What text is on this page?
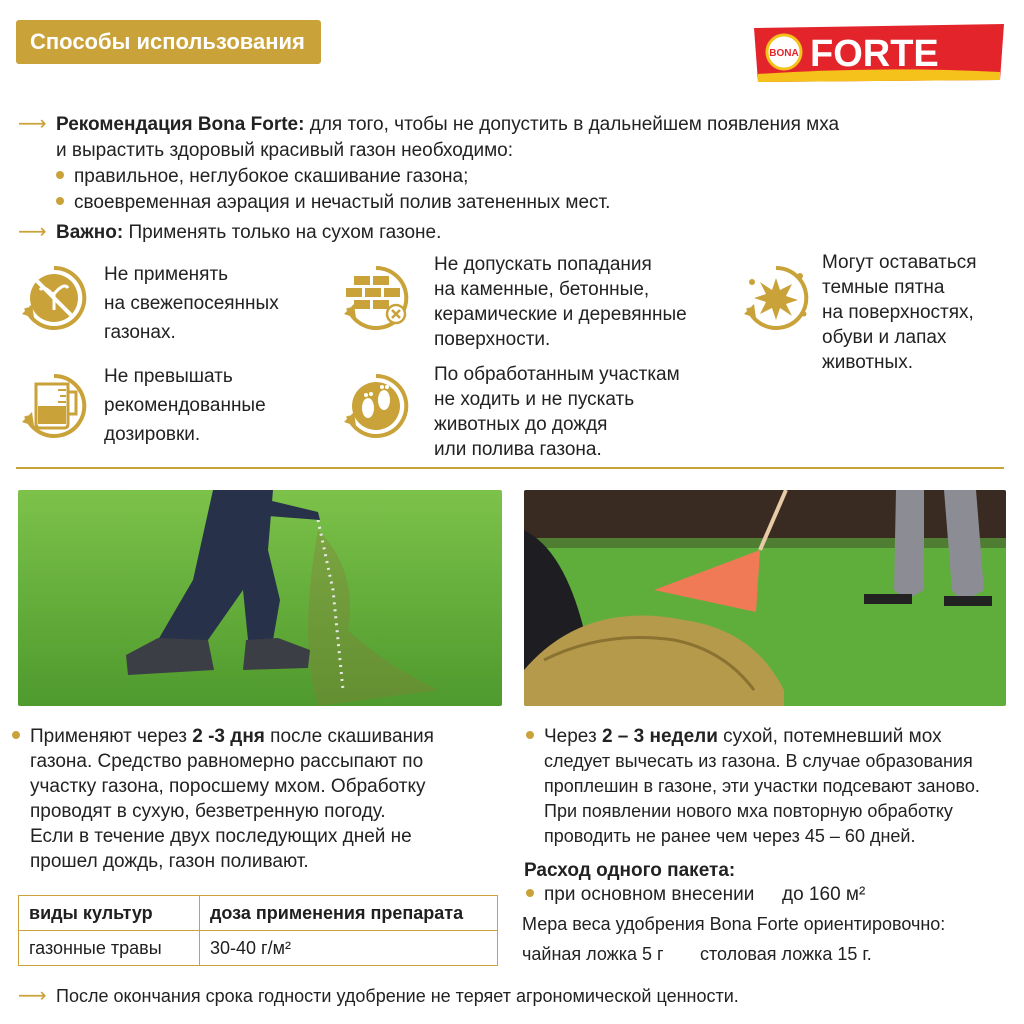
Способы использования	BONA FORTE
⟶ Рекомендация Bona Forte: для того, чтобы не допустить в дальнейшем появления мха
и вырастить здоровый красивый газон необходимо:
правильное, неглубокое скашивание газона;
своевременная аэрация и нечастый полив затененных мест.
⟶ Важно: Применять только на сухом газоне.
Не применять
на свежепосеянных
газонах.
Не допускать попадания
на каменные, бетонные,
керамические и деревянные
поверхности.
Могут оставаться
темные пятна
на поверхностях,
обуви и лапах
животных.
Не превышать
рекомендованные
дозировки.
По обработанным участкам
не ходить и не пускать
животных до дождя
или полива газона.
Применяют через 2 -3 дня после скашивания
газона. Средство равномерно рассыпают по
участку газона, поросшему мхом. Обработку
проводят в сухую, безветренную погоду.
Если в течение двух последующих дней не
прошел дождь, газон поливают.
виды культур	доза применения препарата
газонные травы	30-40 г/м²
Через 2 – 3 недели сухой, потемневший мох
следует вычесать из газона. В случае образования
проплешин в газоне, эти участки подсевают заново.
При появлении нового мха повторную обработку
проводить не ранее чем через 45 – 60 дней.
Расход одного пакета:
при основном внесении до 160 м²
Мера веса удобрения Bona Forte ориентировочно:
чайная ложка 5 г столовая ложка 15 г.
⟶ После окончания срока годности удобрение не теряет агрономической ценности.
